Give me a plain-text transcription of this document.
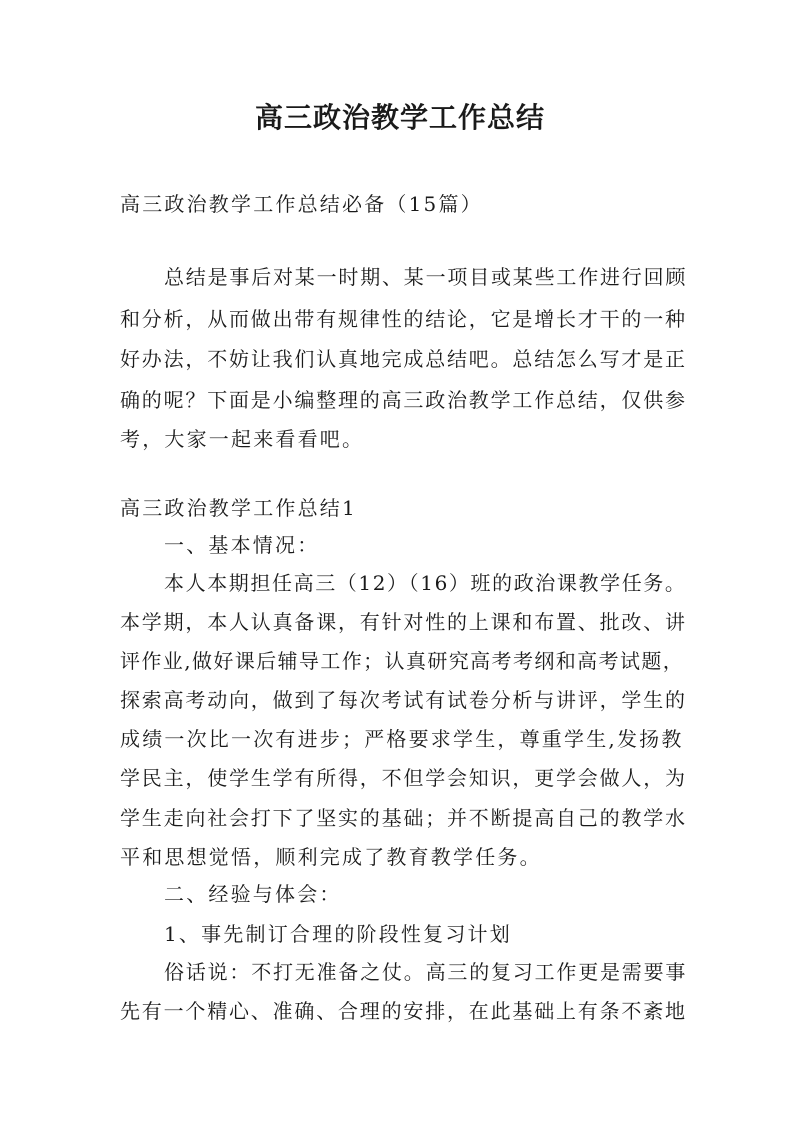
高三政治教学工作总结

高三政治教学工作总结必备（15篇）

总结是事后对某一时期、某一项目或某些工作进行回顾

和分析，从而做出带有规律性的结论，它是增长才干的一种

好办法，不妨让我们认真地完成总结吧。总结怎么写才是正

确的呢？下面是小编整理的高三政治教学工作总结，仅供参

考，大家一起来看看吧。

高三政治教学工作总结1

一、基本情况：

本人本期担任高三（12）（16）班的政治课教学任务。

本学期，本人认真备课，有针对性的上课和布置、批改、讲

评作业,做好课后辅导工作；认真研究高考考纲和高考试题，

探索高考动向，做到了每次考试有试卷分析与讲评，学生的

成绩一次比一次有进步；严格要求学生，尊重学生,发扬教

学民主，使学生学有所得，不但学会知识，更学会做人，为

学生走向社会打下了坚实的基础；并不断提高自己的教学水

平和思想觉悟，顺利完成了教育教学任务。

二、经验与体会：

1、事先制订合理的阶段性复习计划

俗话说：不打无准备之仗。高三的复习工作更是需要事

先有一个精心、准确、合理的安排，在此基础上有条不紊地
